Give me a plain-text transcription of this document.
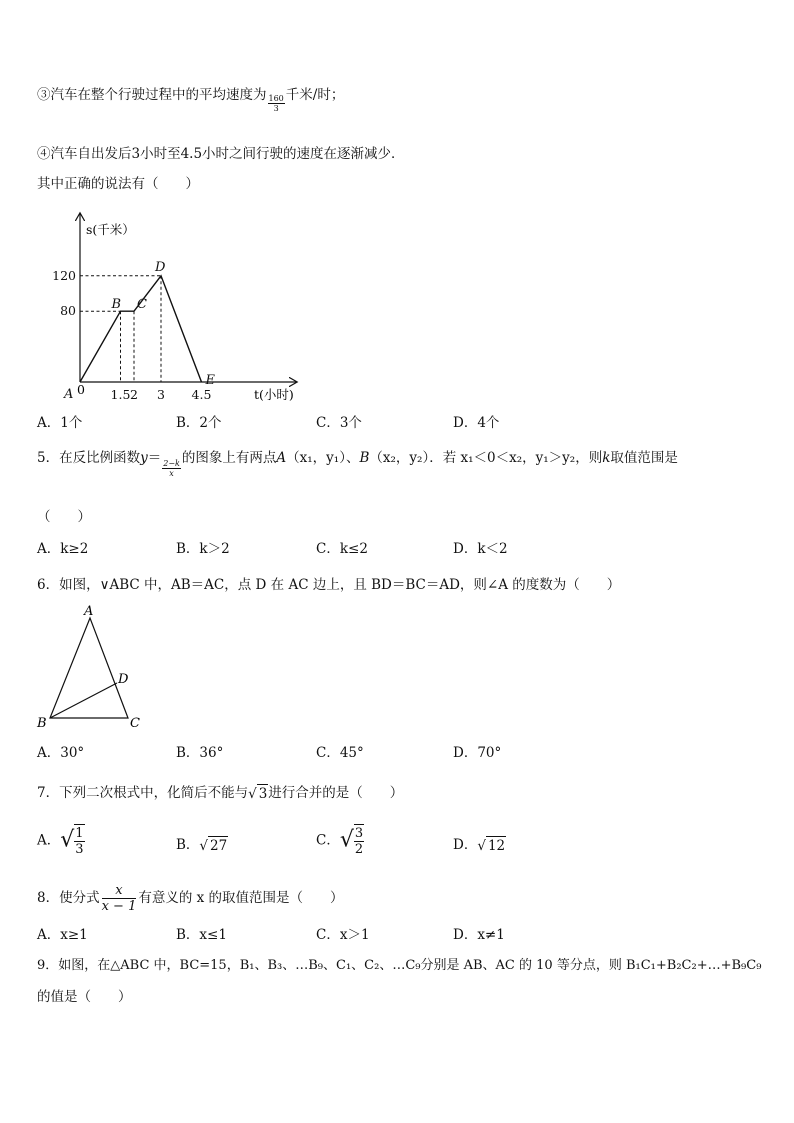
③汽车在整个行驶过程中的平均速度为 $\frac{160}{3}$ 千米/时；
④汽车自出发后3小时至4.5小时之间行驶的速度在逐渐减少．
其中正确的说法有（　　）
120
80
1.5 2 3 4.5
s(千米）
t(小时)
0
A
B C
D
E
A．1个	B．2个	C．3个	D．4个
5．在反比例函数y＝
$\frac{2-k}{x}$
的图象上有两点A（x₁，y₁）、B（x₂，y₂）．若 x₁＜0＜x₂，y₁＞y₂，则k取值范围是
（　　）
A．k≥2	B．k＞2	C．k≤2	D．k＜2
6．如图，∨ABC 中，AB＝AC，点 D 在 AC 边上，且 BD＝BC＝AD，则∠A 的度数为（　　）
A
B	C
D
A．30°	B．36°	C．45°	D．70°
7．下列二次根式中，化简后不能与√ 3进行合并的是（　　）
A．√ $\frac{1}{3}$	B．√ 27	C．√ $\frac{3}{2}$	D．√ 12
8．使分式 $\frac{x}{x - 1}$ 有意义的 x 的取值范围是（　　）
A．x≥1	B．x≤1	C．x＞1	D．x≠1
9．如图，在△ABC 中，BC=15，B₁、B₃、…B₉、C₁、C₂、…C₉分别是 AB、AC 的 10 等分点，则 B₁C₁+B₂C₂+…+B₉C₉
的值是（　　）
